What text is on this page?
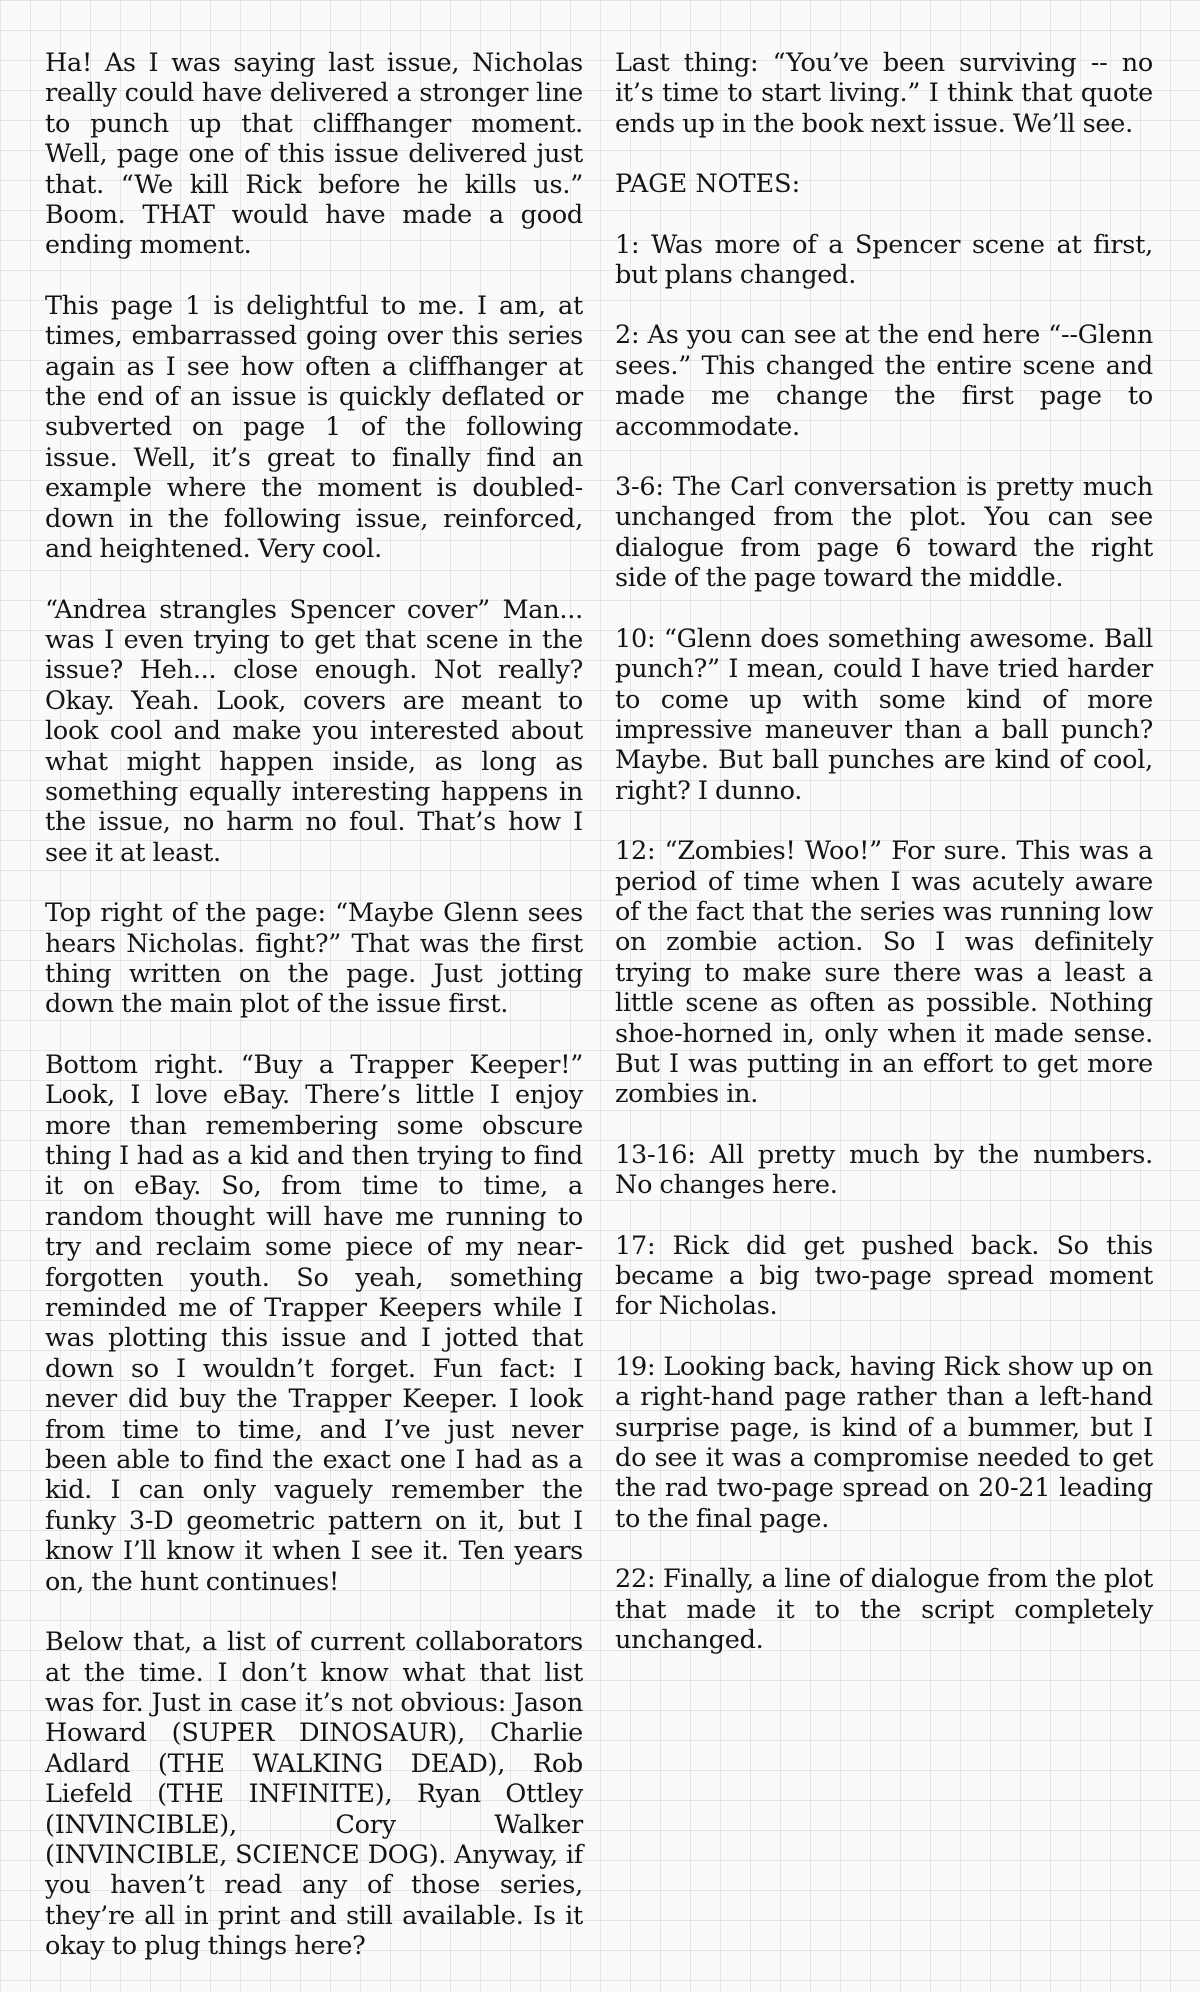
Ha! As I was saying last issue, Nicholas really could have delivered a stronger line to punch up that cliffhanger moment. Well, page one of this issue delivered just that. “We kill Rick before he kills us.” Boom. THAT would have made a good ending moment.

This page 1 is delightful to me. I am, at times, embarrassed going over this series again as I see how often a cliffhanger at the end of an issue is quickly deflated or subverted on page 1 of the following issue. Well, it’s great to finally find an example where the moment is doubled-down in the following issue, reinforced, and heightened. Very cool.

“Andrea strangles Spencer cover” Man... was I even trying to get that scene in the issue? Heh... close enough. Not really? Okay. Yeah. Look, covers are meant to look cool and make you interested about what might happen inside, as long as something equally interesting happens in the issue, no harm no foul. That’s how I see it at least.

Top right of the page: “Maybe Glenn sees hears Nicholas. fight?” That was the first thing written on the page. Just jotting down the main plot of the issue first.

Bottom right. “Buy a Trapper Keeper!” Look, I love eBay. There’s little I enjoy more than remembering some obscure thing I had as a kid and then trying to find it on eBay. So, from time to time, a random thought will have me running to try and reclaim some piece of my near-forgotten youth. So yeah, something reminded me of Trapper Keepers while I was plotting this issue and I jotted that down so I wouldn’t forget. Fun fact: I never did buy the Trapper Keeper. I look from time to time, and I’ve just never been able to find the exact one I had as a kid. I can only vaguely remember the funky 3-D geometric pattern on it, but I know I’ll know it when I see it. Ten years on, the hunt continues!

Below that, a list of current collaborators at the time. I don’t know what that list was for. Just in case it’s not obvious: Jason Howard (SUPER DINOSAUR), Charlie Adlard (THE WALKING DEAD), Rob Liefeld (THE INFINITE), Ryan Ottley (INVINCIBLE), Cory Walker (INVINCIBLE, SCIENCE DOG). Anyway, if you haven’t read any of those series, they’re all in print and still available. Is it okay to plug things here?

Last thing: “You’ve been surviving -- no it’s time to start living.” I think that quote ends up in the book next issue. We’ll see.

PAGE NOTES:

1: Was more of a Spencer scene at first, but plans changed.

2: As you can see at the end here “--Glenn sees.” This changed the entire scene and made me change the first page to accommodate.

3-6: The Carl conversation is pretty much unchanged from the plot. You can see dialogue from page 6 toward the right side of the page toward the middle.

10: “Glenn does something awesome. Ball punch?” I mean, could I have tried harder to come up with some kind of more impressive maneuver than a ball punch? Maybe. But ball punches are kind of cool, right? I dunno.

12: “Zombies! Woo!” For sure. This was a period of time when I was acutely aware of the fact that the series was running low on zombie action. So I was definitely trying to make sure there was a least a little scene as often as possible. Nothing shoe-horned in, only when it made sense. But I was putting in an effort to get more zombies in.

13-16: All pretty much by the numbers. No changes here.

17: Rick did get pushed back. So this became a big two-page spread moment for Nicholas.

19: Looking back, having Rick show up on a right-hand page rather than a left-hand surprise page, is kind of a bummer, but I do see it was a compromise needed to get the rad two-page spread on 20-21 leading to the final page.

22: Finally, a line of dialogue from the plot that made it to the script completely unchanged.
